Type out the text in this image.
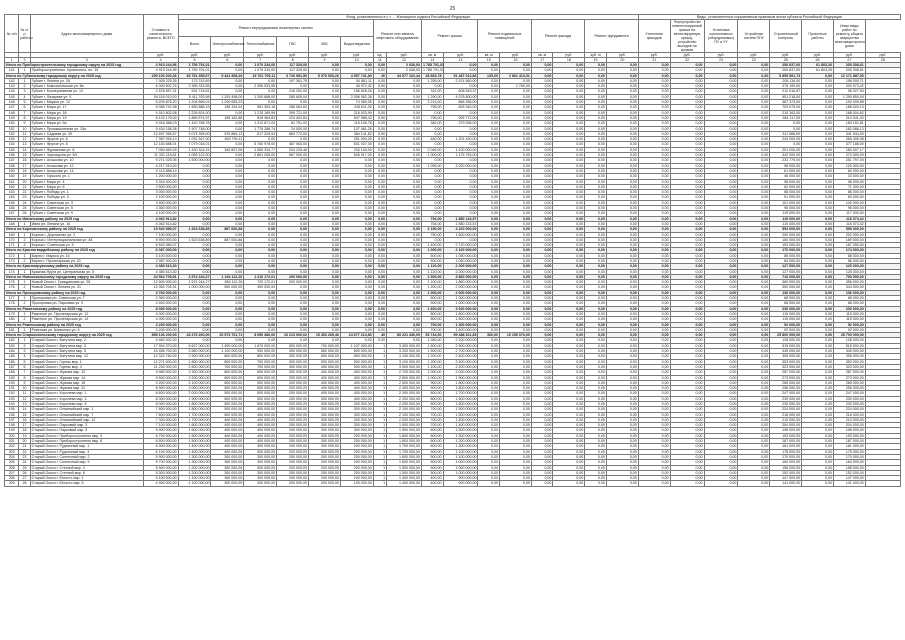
25
№ п/п	№ п/р работы	Адрес многоквартирного дома	Стоимость капитального ремонта, ВСЕГО	Фонд, установленных в с.т. ... Жилищного кодекса Российской Федерации																Виды, установленных нормативным правовым актом субъекта Российской Федерации							
				Ремонт внутридомовых инженерных систем						Ремонт или замена лифтового оборудования		Ремонт крыши		Ремонт подвальных помещений		Ремонт фасада		Ремонт фундамента		Утепление фасадов	Переустройство невентилируемой крыши на вентилируемую крышу, устройство выходов на кровлю	Установка коллективных (общедомовых) ПУ и УУ	Устройство систем ППУ	Строительный контроль	Проектные работы	Иные виды работ по ремонту общего имущества многоквартирного дома	
				Всего	Электроснабжения	Теплоснабжения	ГВС	ХВС	Водоотведения																		
			руб.	руб.	руб.	руб.	руб.	руб.	руб.	ед.	руб.	кв. м	руб.	кв. м	руб.	кв. м	руб.	куб. м	руб.	руб.	руб.	руб.	руб.	руб.	руб.	руб.	руб.
1	2	3	4	5	6	7	8	9	10	11	12	13	14	15	16	17	18	19	20	21	22	23	24	25	26	27	28
Итого по Приборостроительному городскому округу на 2025 год			4 919 244,96	1 759 791,01	0,00	1 070 234,00	117 329,00	0,00	0,00	0,00	2 636,00	1 785 791,01	0,00	0,00	0,00	0,00	0,00	0,00	0,00	0,00	0,00	0,00	0,00	250 837,00	61 803,26	205 308,61	
141	1	Приборостроительн. Купального, пл. 15	4 919 244,96	1 759 791,01	0,00	1 070 234,00	117 329,00	0,00	0,00	0,00	2 636,00	1 785 791,01	0,00	0,00	0,00	0,00	0,00	0,00	0,00	0,00	0,00	0,00	0,00	250 837,00	61 803,26	205 308,61	
Итого по Губкинскому городскому округу на 2025 год			299 100 200,36	65 751 355,07	9 441 908,26	19 761 709,11	3 740 981,50	5 070 000,26	4 957 741,80	26	44 577 162,44	28 863,78	51 487 012,86	135,00	2 801 413,01	0,00	0,00	0,00	0,00	0,00	0,00	0,00	0,00	5 859 591,73	0,00	12 171 887,00	
142	1	Губкин г. Ленина ул. 26	7 005 225,35	173 743,69	0,00	0,00	197 361,76	0,00	54 861,11	0,00	0,00	1 255,00	2 574 560,00	0,00	0,00	0,00	0,00	0,00	0,00	0,00	0,00	0,00	0,00	205 116,00	0,00	198 000,71	
143	2	Губкин г. Комсомольская ул. 8а	6 300 502,76	2 395 333,55	0,00	2 396 933,55	0,00	0,00	45 972,42	0,00	0,00	0,00	0,00	0,00	1 760,00	0,00	0,00	0,00	0,00	0,00	0,00	0,00	0,00	275 190,00	0,00	200 573,42	
144	3	Губкин г. Кооперативная ул. 13	2 578 657,31	532 718,61	0,00	0,00	216 252,00	0,00	156 828,26	0,00	0,00	322,00	608 543,37	0,00	0,00	0,00	0,00	0,00	0,00	0,00	0,00	0,00	0,00	212 016,87	0,00	96 027,53	
145	4	Губкин г. Лазарева ул. 5	54 116 010,00	5 411 763,98	1 293 498,00	1 200 888,00	285 605,04	0,00	2 006 062,38	0,00	0,00	1 290,00	4 578 800,00	0,00	0,00	0,00	0,00	0,00	0,00	0,00	0,00	0,00	0,00	951 218,00	0,00	1 290 850,00	
146	5	Губкин г. Маркса ул. 12	5 209 876,20	1 204 665,01	1 200 655,23	0,00	0,00	0,00	74 380,05	0,00	0,00	3 213,00	868 356,00	0,00	0,00	0,00	0,00	0,00	0,00	0,00	0,00	0,00	0,00	387 373,00	0,00	192 009,88	
147	6	Губкин г. Мира ул. 17	5 058 792,98	1 650 888,19	198 334,04	981 353,16	286 064,60	0,00	245 611,02	0,00	0,00	795,00	826 340,00	0,00	0,00	0,00	0,00	0,00	0,00	0,00	0,00	0,00	0,00	703 075,00	0,00	188 020,13	
148	7	Губкин г. Мира ул. 18	4 910 802,08	2 226 624,00	0,00	1 215 169,99	399 721,00	0,00	316 533,99	0,00	0,00	0,00	0,00	0,00	0,00	0,00	0,00	0,00	0,00	0,00	0,00	0,00	0,00	210 163,00	0,00	168 004,62	
149	8	Губкин г. Мира ул. 19	6 102 178,00	1 889 574,97	198 162,88	818 364,83	224 402,84	0,00	547 988,42	0,00	0,00	795,00	905 772,00	0,00	0,00	0,00	0,00	0,00	0,00	0,00	0,00	0,00	0,00	284 117,00	0,00	210 041,00	
150	9	Губкин г. Мира ул. 5а	3 916 368,03	1 410 768,78	0,00	1 212 871,00	81 791,00	0,00	116 106,78	0,00	0,00	382,00	379 936,00	0,00	0,00	0,00	0,00	0,00	0,00	0,00	0,00	0,00	0,00	0,00	0,00	184 152,81	
151	10	Губкин г. Промышленная ул. 15а	5 434 158,36	1 907 748,00	0,00	1 776 286,74	24 000,00	0,00	107 461,26	0,00	0,00	0,00	0,00	0,00	0,00	0,00	0,00	0,00	0,00	0,00	0,00	0,00	0,00	0,00	0,00	162 086,13	
152	11	Губкин г. Садовая ул. 39	12 697 365,57	3 074 355,00	976 869,13	617 226,04	663 772,00	0,00	384 141,82	0,00	0,00	0,00	0,00	0,00	0,00	0,00	0,00	0,00	0,00	0,00	0,00	0,00	0,00	311 566,00	0,00	341 044,00	
153	12	Губкин г. Фрунзе ул. 6	7 387 094,13	1 091 547,00	840 794,11	0,00	0,00	0,00	251 000,00	0,00	0,00	482,00	1 201 430,00	0,00	0,00	0,00	0,00	0,00	0,00	0,00	0,00	0,00	0,00	244 000,00	0,00	265 406,38	
154	13	Губкин г. Фрунзе ул. 8	12 183 688,01	7 079 018,01	0,00	5 760 978,00	487 063,00	0,00	831 037,00	0,00	0,00	0,00	0,00	0,00	0,00	0,00	0,00	0,00	0,00	0,00	0,00	0,00	0,00	0,00	0,00	377 188,00	
155	14	Губкин г. Фурманова ул. 8	7 050 669,39	1 430 324,31	340 607,06	1 556 334,77	203 225,48	0,00	230 100,00	0,00	0,00	2 046,00	1 100 000,00	0,00	0,00	0,00	0,00	0,00	0,00	0,00	0,00	0,00	0,00	201 000,00	0,00	183 007,17	
156	15	Губкин г. Черницына ул. 5/1	11 321 115,81	4 055 122,00	0,00	2 861 205,00	667 000,00	0,00	526 917,00	0,00	0,00	1 000,00	1 175 753,00	0,00	0,00	0,00	0,00	0,00	0,00	0,00	0,00	0,00	0,00	342 000,00	0,00	272 000,00	
157	16	Губкин г. Агошкова ул. 10	9 271 025,06	1 500 000,00	0,00	0,00	0,00	0,00	0,00	0,00	0,00	0,00	0,00	0,00	0,00	0,00	0,00	0,00	0,00	0,00	0,00	0,00	0,00	233 779,00	0,00	251 797,00	
158	17	Губкин г. Агошкова ул. 12	4 217 010,00	0,00	0,00	0,00	0,00	0,00	0,00	0,00	0,00	1 095,00	3 200 000,00	0,00	0,00	0,00	0,00	0,00	0,00	0,00	0,00	0,00	0,00	98 000,00	0,00	120 000,00	
159	18	Губкин г. Агошкова ул. 14	2 113 888,14	0,00	0,00	0,00	0,00	0,00	0,00	0,00	0,00	0,00	0,00	0,00	0,00	0,00	0,00	0,00	0,00	0,00	0,00	0,00	0,00	61 000,00	0,00	60 000,00	
160	19	Губкин г. Горького ул. 1	1 200 000,00	0,00	0,00	0,00	0,00	0,00	0,00	0,00	0,00	0,00	0,00	0,00	0,00	0,00	0,00	0,00	0,00	0,00	0,00	0,00	0,00	46 000,00	0,00	33 000,00	
161	20	Губкин г. Мира ул. 4	3 316 000,00	0,00	0,00	0,00	0,00	0,00	0,00	0,00	0,00	0,00	0,00	0,00	0,00	0,00	0,00	0,00	0,00	0,00	0,00	0,00	0,00	98 000,00	0,00	96 000,00	
162	21	Губкин г. Мира ул. 6	2 500 000,00	0,00	0,00	0,00	0,00	0,00	0,00	0,00	0,00	0,00	0,00	0,00	0,00	0,00	0,00	0,00	0,00	0,00	0,00	0,00	0,00	62 000,00	0,00	71 000,00	
163	22	Губкин г. Победы ул. 1	3 000 000,00	0,00	0,00	0,00	0,00	0,00	0,00	0,00	0,00	0,00	0,00	0,00	0,00	0,00	0,00	0,00	0,00	0,00	0,00	0,00	0,00	88 000,00	0,00	86 000,00	
164	23	Губкин г. Победы ул. 3	2 100 000,00	0,00	0,00	0,00	0,00	0,00	0,00	0,00	0,00	0,00	0,00	0,00	0,00	0,00	0,00	0,00	0,00	0,00	0,00	0,00	0,00	51 000,00	0,00	60 000,00	
165	24	Губкин г. Советская ул. 3	3 500 000,00	0,00	0,00	0,00	0,00	0,00	0,00	0,00	0,00	0,00	0,00	0,00	0,00	0,00	0,00	0,00	0,00	0,00	0,00	0,00	0,00	101 000,00	0,00	100 000,00	
166	25	Губкин г. Советская ул. 5	3 350 000,00	0,00	0,00	0,00	0,00	0,00	0,00	0,00	0,00	0,00	0,00	0,00	0,00	0,00	0,00	0,00	0,00	0,00	0,00	0,00	0,00	96 000,00	0,00	96 000,00	
167	26	Губкин г. Советская ул. 9	4 100 000,00	0,00	0,00	0,00	0,00	0,00	0,00	0,00	0,00	0,00	0,00	0,00	0,00	0,00	0,00	0,00	0,00	0,00	0,00	0,00	0,00	119 000,00	0,00	117 000,00	
Итого по Ивнянскому району на 2025 год			4 062 514,82	0,00	0,00	0,00	0,00	0,00	0,00	0,00	0,00	754,00	1 880 133,57	0,00	0,00	0,00	0,00	0,00	0,00	0,00	0,00	0,00	0,00	115 000,00	0,00	116 073,32	
168	1	Ивня рп. Ленина ул. 16	4 062 514,82	0,00	0,00	0,00	0,00	0,00	0,00	0,00	0,00	754,00	1 880 133,57	0,00	0,00	0,00	0,00	0,00	0,00	0,00	0,00	0,00	0,00	115 000,00	0,00	116 073,32	
Итого по Корочанскому району на 2025 год			19 543 989,07	1 523 638,89	887 000,88	0,00	0,00	0,00	0,00	0,00	0,00	2 150,00	4 220 000,00	0,00	0,00	0,00	0,00	0,00	0,00	0,00	0,00	0,00	0,00	553 000,00	0,00	558 000,00	
169	1	Короча г. Дорошенко ул. 2	7 100 000,00	0,00	0,00	0,00	0,00	0,00	0,00	0,00	0,00	750,00	1 500 000,00	0,00	0,00	0,00	0,00	0,00	0,00	0,00	0,00	0,00	0,00	200 000,00	0,00	202 000,00	
170	2	Короча г. Интернациональная ул. 48	5 900 000,00	1 523 638,89	887 000,88	0,00	0,00	0,00	0,00	0,00	0,00	0,00	0,00	0,00	0,00	0,00	0,00	0,00	0,00	0,00	0,00	0,00	0,00	160 000,00	0,00	169 000,00	
171	3	Короча г. Советская ул. 5	6 543 989,07	0,00	0,00	0,00	0,00	0,00	0,00	0,00	0,00	1 400,00	2 720 000,00	0,00	0,00	0,00	0,00	0,00	0,00	0,00	0,00	0,00	0,00	193 000,00	0,00	187 000,00	
Итого по Красногвардейскому району на 2025 год			6 087 000,00	0,00	0,00	0,00	0,00	0,00	0,00	0,00	0,00	1 000,00	2 100 000,00	0,00	0,00	0,00	0,00	0,00	0,00	0,00	0,00	0,00	0,00	170 000,00	0,00	174 000,00	
172	1	Бирюч г. Маркса ул. 14	3 100 000,00	0,00	0,00	0,00	0,00	0,00	0,00	0,00	0,00	500,00	1 050 000,00	0,00	0,00	0,00	0,00	0,00	0,00	0,00	0,00	0,00	0,00	86 000,00	0,00	88 000,00	
173	2	Бирюч г. Пролетарская ул. 20	2 987 000,00	0,00	0,00	0,00	0,00	0,00	0,00	0,00	0,00	500,00	1 050 000,00	0,00	0,00	0,00	0,00	0,00	0,00	0,00	0,00	0,00	0,00	84 000,00	0,00	86 000,00	
Итого по Краснояружскому району на 2025 год			4 380 613,30	0,00	0,00	0,00	0,00	0,00	0,00	0,00	0,00	1 120,00	2 200 000,00	0,00	0,00	0,00	0,00	0,00	0,00	0,00	0,00	0,00	0,00	127 000,00	0,00	125 000,00	
174	1	Красная Яруга рп. Центральная ул. 5	4 380 613,30	0,00	0,00	0,00	0,00	0,00	0,00	0,00	0,00	1 120,00	2 200 000,00	0,00	0,00	0,00	0,00	0,00	0,00	0,00	0,00	0,00	0,00	127 000,00	0,00	125 000,00	
Итого по Новооскольскому городскому округу на 2025 год			24 564 705,91	2 574 244,27	1 154 112,26	1 210 172,01	200 000,00	0,00	0,00	0,00	0,00	2 300,00	3 860 000,00	0,00	0,00	0,00	0,00	0,00	0,00	0,00	0,00	0,00	0,00	710 000,00	0,00	700 000,00	
175	1	Новый Оскол г. Гражданская ул. 25	12 500 000,00	1 574 244,27	654 112,26	720 172,01	200 000,00	0,00	0,00	0,00	0,00	1 100,00	1 860 000,00	0,00	0,00	0,00	0,00	0,00	0,00	0,00	0,00	0,00	0,00	360 000,00	0,00	356 000,00	
176	2	Новый Оскол г. Ленина ул. 31	12 064 705,91	1 000 000,00	500 000,00	490 000,00	0,00	0,00	0,00	0,00	0,00	1 200,00	2 000 000,00	0,00	0,00	0,00	0,00	0,00	0,00	0,00	0,00	0,00	0,00	350 000,00	0,00	344 000,00	
Итого по Прохоровскому району на 2025 год			4 760 000,00	0,00	0,00	0,00	0,00	0,00	0,00	0,00	0,00	1 000,00	2 000 000,00	0,00	0,00	0,00	0,00	0,00	0,00	0,00	0,00	0,00	0,00	136 000,00	0,00	136 000,00	
177	1	Прохоровка рп. Советская ул. 7	2 360 000,00	0,00	0,00	0,00	0,00	0,00	0,00	0,00	0,00	500,00	1 000 000,00	0,00	0,00	0,00	0,00	0,00	0,00	0,00	0,00	0,00	0,00	68 000,00	0,00	68 000,00	
178	2	Прохоровка рп. Парковая ул. 9	2 400 000,00	0,00	0,00	0,00	0,00	0,00	0,00	0,00	0,00	500,00	1 000 000,00	0,00	0,00	0,00	0,00	0,00	0,00	0,00	0,00	0,00	0,00	68 000,00	0,00	68 000,00	
Итого по Ракитянскому району на 2025 год			8 000 000,00	0,00	0,00	0,00	0,00	0,00	0,00	0,00	0,00	1 600,00	3 600 000,00	0,00	0,00	0,00	0,00	0,00	0,00	0,00	0,00	0,00	0,00	230 000,00	0,00	230 000,00	
179	1	Ракитное рп. Пролетарская ул. 12	4 000 000,00	0,00	0,00	0,00	0,00	0,00	0,00	0,00	0,00	800,00	1 800 000,00	0,00	0,00	0,00	0,00	0,00	0,00	0,00	0,00	0,00	0,00	115 000,00	0,00	115 000,00	
180	2	Ракитное рп. Пролетарская ул. 14	4 000 000,00	0,00	0,00	0,00	0,00	0,00	0,00	0,00	0,00	800,00	1 800 000,00	0,00	0,00	0,00	0,00	0,00	0,00	0,00	0,00	0,00	0,00	115 000,00	0,00	115 000,00	
Итого по Ровеньскому району на 2025 год			3 200 000,00	0,00	0,00	0,00	0,00	0,00	0,00	0,00	0,00	700,00	1 400 000,00	0,00	0,00	0,00	0,00	0,00	0,00	0,00	0,00	0,00	0,00	92 000,00	0,00	92 000,00	
181	1	Ровеньки рп. Шевченко ул. 5	3 200 000,00	0,00	0,00	0,00	0,00	0,00	0,00	0,00	0,00	700,00	1 400 000,00	0,00	0,00	0,00	0,00	0,00	0,00	0,00	0,00	0,00	0,00	92 000,00	0,00	92 000,00	
Итого по Старооскольскому городскому округу на 2025 год			895 136 200,03	43 276 260,00	20 573 761,71	8 050 386,00	10 213 000,02	15 403 265,46	24 677 214,80	40	89 221 436,09	53 744,30	99 488 321,83	360,00	10 155 076,00	0,00	0,00	0,00	0,00	0,00	0,00	0,00	0,00	25 800 000,00	0,00	25 700 000,00	
182	1	Старый Оскол г. Ватутина мкр. 2	4 460 932,00	0,00	0,00	0,00	0,00	0,00	0,00	0,00	0,00	1 280,00	2 100 000,00	0,00	0,00	0,00	0,00	0,00	0,00	0,00	0,00	0,00	0,00	128 000,00	0,00	128 000,00	
183	2	Старый Оскол г. Ватутина мкр. 3	17 904 370,00	5 627 000,00	1 450 000,00	1 870 000,00	500 000,00	700 000,00	1 107 000,00	1	3 300 000,00	1 600,00	2 900 000,00	0,00	0,00	0,00	0,00	0,00	0,00	0,00	0,00	0,00	0,00	515 000,00	0,00	515 000,00	
184	3	Старый Оскол г. Ватутина мкр. 5	15 456 700,00	3 560 000,00	1 100 000,00	900 000,00	400 000,00	560 000,00	600 000,00	1	3 200 000,00	1 500,00	2 700 000,00	0,00	0,00	0,00	0,00	0,00	0,00	0,00	0,00	0,00	0,00	445 000,00	0,00	445 000,00	
185	4	Старый Оскол г. Ватутина мкр. 12	12 324 760,00	2 900 000,00	800 000,00	800 000,00	300 000,00	500 000,00	500 000,00	1	3 100 000,00	1 200,00	2 400 000,00	0,00	0,00	0,00	0,00	0,00	0,00	0,00	0,00	0,00	0,00	355 000,00	0,00	355 000,00	
186	5	Старый Оскол г. Горняк мкр. 1	12 271 000,00	2 800 000,00	800 000,00	700 000,00	300 000,00	500 000,00	500 000,00	1	3 100 000,00	1 200,00	2 400 000,00	0,00	0,00	0,00	0,00	0,00	0,00	0,00	0,00	0,00	0,00	353 000,00	0,00	353 000,00	
187	6	Старый Оскол г. Горняк мкр. 4	11 230 000,00	2 600 000,00	700 000,00	700 000,00	300 000,00	400 000,00	500 000,00	1	3 000 000,00	1 100,00	2 200 000,00	0,00	0,00	0,00	0,00	0,00	0,00	0,00	0,00	0,00	0,00	323 000,00	0,00	323 000,00	
188	7	Старый Оскол г. Жукова мкр. 12	9 980 000,00	2 300 000,00	600 000,00	600 000,00	300 000,00	400 000,00	400 000,00	1	2 700 000,00	1 000,00	2 000 000,00	0,00	0,00	0,00	0,00	0,00	0,00	0,00	0,00	0,00	0,00	287 000,00	0,00	287 000,00	
189	8	Старый Оскол г. Жукова мкр. 14	9 500 000,00	2 200 000,00	600 000,00	600 000,00	200 000,00	400 000,00	400 000,00	1	2 600 000,00	1 000,00	1 900 000,00	0,00	0,00	0,00	0,00	0,00	0,00	0,00	0,00	0,00	0,00	273 000,00	0,00	273 000,00	
190	9	Старый Оскол г. Жукова мкр. 18	9 200 000,00	2 100 000,00	600 000,00	500 000,00	200 000,00	400 000,00	400 000,00	1	2 500 000,00	900,00	1 800 000,00	0,00	0,00	0,00	0,00	0,00	0,00	0,00	0,00	0,00	0,00	265 000,00	0,00	265 000,00	
191	10	Старый Оскол г. Жукова мкр. 22	8 900 000,00	2 000 000,00	500 000,00	500 000,00	200 000,00	400 000,00	400 000,00	1	2 400 000,00	900,00	1 800 000,00	0,00	0,00	0,00	0,00	0,00	0,00	0,00	0,00	0,00	0,00	256 000,00	0,00	256 000,00	
192	11	Старый Оскол г. Королева мкр. 1	8 600 000,00	2 000 000,00	500 000,00	500 000,00	200 000,00	400 000,00	400 000,00	1	2 300 000,00	800,00	1 700 000,00	0,00	0,00	0,00	0,00	0,00	0,00	0,00	0,00	0,00	0,00	247 000,00	0,00	247 000,00	
193	12	Старый Оскол г. Королева мкр. 3	8 300 000,00	1 900 000,00	500 000,00	500 000,00	200 000,00	300 000,00	400 000,00	1	2 200 000,00	800,00	1 600 000,00	0,00	0,00	0,00	0,00	0,00	0,00	0,00	0,00	0,00	0,00	239 000,00	0,00	239 000,00	
194	13	Старый Оскол г. Королева мкр. 8	8 000 000,00	1 800 000,00	500 000,00	500 000,00	200 000,00	300 000,00	300 000,00	1	2 200 000,00	800,00	1 600 000,00	0,00	0,00	0,00	0,00	0,00	0,00	0,00	0,00	0,00	0,00	230 000,00	0,00	230 000,00	
195	14	Старый Оскол г. Олимпийский мкр. 1	7 800 000,00	1 800 000,00	500 000,00	400 000,00	200 000,00	300 000,00	300 000,00	1	2 100 000,00	700,00	1 500 000,00	0,00	0,00	0,00	0,00	0,00	0,00	0,00	0,00	0,00	0,00	224 000,00	0,00	224 000,00	
196	15	Старый Оскол г. Олимпийский мкр. 7	7 600 000,00	1 700 000,00	500 000,00	400 000,00	200 000,00	300 000,00	300 000,00	1	2 100 000,00	700,00	1 500 000,00	0,00	0,00	0,00	0,00	0,00	0,00	0,00	0,00	0,00	0,00	218 000,00	0,00	218 000,00	
197	16	Старый Оскол г. Олимпийский мкр. 12	7 300 000,00	1 700 000,00	400 000,00	400 000,00	200 000,00	300 000,00	300 000,00	1	2 000 000,00	700,00	1 400 000,00	0,00	0,00	0,00	0,00	0,00	0,00	0,00	0,00	0,00	0,00	210 000,00	0,00	210 000,00	
198	17	Старый Оскол г. Парковый мкр. 2	7 100 000,00	1 600 000,00	400 000,00	400 000,00	200 000,00	300 000,00	300 000,00	1	1 900 000,00	700,00	1 400 000,00	0,00	0,00	0,00	0,00	0,00	0,00	0,00	0,00	0,00	0,00	204 000,00	0,00	204 000,00	
199	18	Старый Оскол г. Парковый мкр. 5	6 900 000,00	1 600 000,00	400 000,00	400 000,00	200 000,00	300 000,00	300 000,00	1	1 900 000,00	600,00	1 300 000,00	0,00	0,00	0,00	0,00	0,00	0,00	0,00	0,00	0,00	0,00	198 000,00	0,00	198 000,00	
200	19	Старый Оскол г. Приборостроитель мкр. 3	6 700 000,00	1 500 000,00	400 000,00	400 000,00	200 000,00	300 000,00	200 000,00	1	1 800 000,00	600,00	1 300 000,00	0,00	0,00	0,00	0,00	0,00	0,00	0,00	0,00	0,00	0,00	193 000,00	0,00	193 000,00	
201	20	Старый Оскол г. Приборостроитель мкр. 8	6 500 000,00	1 500 000,00	400 000,00	400 000,00	200 000,00	300 000,00	200 000,00	1	1 800 000,00	600,00	1 200 000,00	0,00	0,00	0,00	0,00	0,00	0,00	0,00	0,00	0,00	0,00	187 000,00	0,00	187 000,00	
202	21	Старый Оскол г. Рудничный мкр. 1	6 300 000,00	1 400 000,00	400 000,00	300 000,00	200 000,00	300 000,00	200 000,00	1	1 700 000,00	600,00	1 200 000,00	0,00	0,00	0,00	0,00	0,00	0,00	0,00	0,00	0,00	0,00	181 000,00	0,00	181 000,00	
203	22	Старый Оскол г. Рудничный мкр. 4	6 100 000,00	1 400 000,00	400 000,00	300 000,00	200 000,00	300 000,00	200 000,00	1	1 700 000,00	500,00	1 100 000,00	0,00	0,00	0,00	0,00	0,00	0,00	0,00	0,00	0,00	0,00	175 000,00	0,00	175 000,00	
204	23	Старый Оскол г. Солнечный мкр. 2	5 900 000,00	1 300 000,00	300 000,00	300 000,00	200 000,00	300 000,00	200 000,00	1	1 600 000,00	500,00	1 100 000,00	0,00	0,00	0,00	0,00	0,00	0,00	0,00	0,00	0,00	0,00	170 000,00	0,00	170 000,00	
205	24	Старый Оскол г. Солнечный мкр. 9	5 700 000,00	1 300 000,00	300 000,00	300 000,00	200 000,00	200 000,00	200 000,00	1	1 600 000,00	500,00	1 000 000,00	0,00	0,00	0,00	0,00	0,00	0,00	0,00	0,00	0,00	0,00	164 000,00	0,00	164 000,00	
206	25	Старый Оскол г. Степной мкр. 3	5 500 000,00	1 200 000,00	300 000,00	300 000,00	200 000,00	200 000,00	200 000,00	1	1 500 000,00	500,00	1 000 000,00	0,00	0,00	0,00	0,00	0,00	0,00	0,00	0,00	0,00	0,00	158 000,00	0,00	158 000,00	
207	26	Старый Оскол г. Степной мкр. 6	5 300 000,00	1 200 000,00	300 000,00	300 000,00	200 000,00	200 000,00	200 000,00	1	1 500 000,00	500,00	1 000 000,00	0,00	0,00	0,00	0,00	0,00	0,00	0,00	0,00	0,00	0,00	152 000,00	0,00	152 000,00	
208	27	Старый Оскол г. Юность мкр. 1	5 100 000,00	1 100 000,00	300 000,00	300 000,00	200 000,00	200 000,00	100 000,00	1	1 400 000,00	400,00	900 000,00	0,00	0,00	0,00	0,00	0,00	0,00	0,00	0,00	0,00	0,00	147 000,00	0,00	147 000,00	
209	28	Старый Оскол г. Юность мкр. 5	4 900 000,00	1 100 000,00	300 000,00	300 000,00	200 000,00	200 000,00	100 000,00	1	1 400 000,00	400,00	900 000,00	0,00	0,00	0,00	0,00	0,00	0,00	0,00	0,00	0,00	0,00	141 000,00	0,00	141 000,00	
